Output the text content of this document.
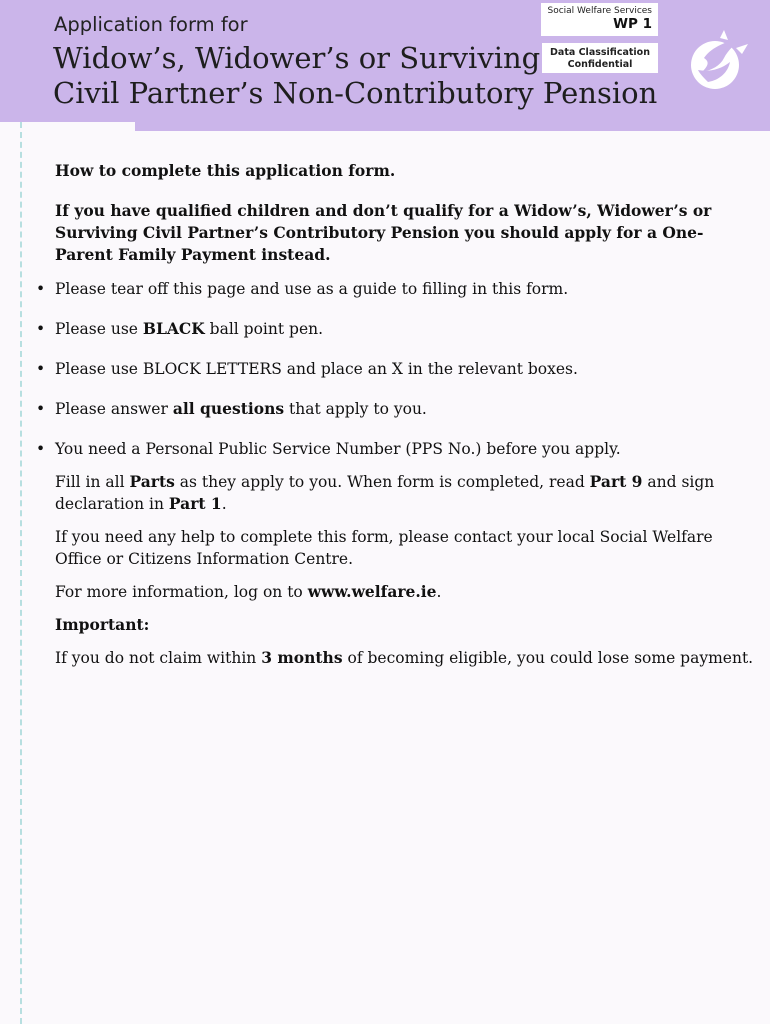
Application form for
Widow’s, Widower’s or Surviving
Civil Partner’s Non-Contributory Pension
Social Welfare Services
WP 1
Data Classification
Confidential

How to complete this application form.

If you have qualified children and don’t qualify for a Widow’s, Widower’s or Surviving Civil Partner’s Contributory Pension you should apply for a One-Parent Family Payment instead.

• Please tear off this page and use as a guide to filling in this form.

• Please use BLACK ball point pen.

• Please use BLOCK LETTERS and place an X in the relevant boxes.

• Please answer all questions that apply to you.

• You need a Personal Public Service Number (PPS No.) before you apply.

Fill in all Parts as they apply to you. When form is completed, read Part 9 and sign declaration in Part 1.

If you need any help to complete this form, please contact your local Social Welfare Office or Citizens Information Centre.

For more information, log on to www.welfare.ie.

Important:

If you do not claim within 3 months of becoming eligible, you could lose some payment.
